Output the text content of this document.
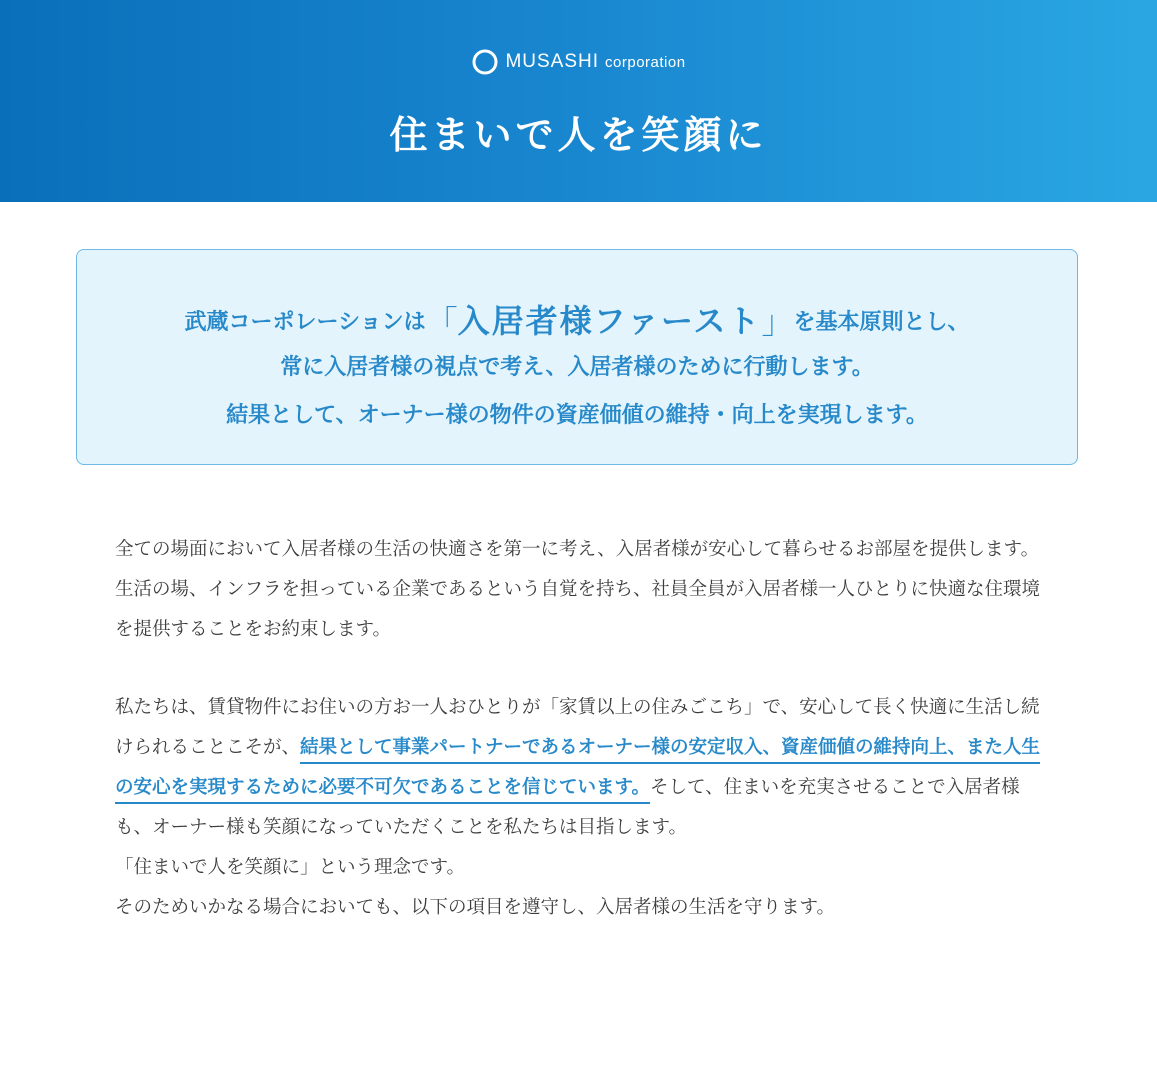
MUSASHI corporation
住まいで人を笑顔に
武蔵コーポレーションは「入居者様ファースト」を基本原則とし、
常に入居者様の視点で考え、入居者様のために行動します。
結果として、オーナー様の物件の資産価値の維持・向上を実現します。

全ての場面において入居者様の生活の快適さを第一に考え、入居者様が安心して暮らせるお部屋を提供します。

生活の場、インフラを担っている企業であるという自覚を持ち、社員全員が入居者様一人ひとりに快適な住環境を提供することをお約束します。

私たちは、賃貸物件にお住いの方お一人おひとりが「家賃以上の住みごこち」で、安心して長く快適に生活し続けられることこそが、結果として事業パートナーであるオーナー様の安定収入、資産価値の維持向上、また人生の安心を実現するために必要不可欠であることを信じています。そして、住まいを充実させることで入居者様も、オーナー様も笑顔になっていただくことを私たちは目指します。

「住まいで人を笑顔に」という理念です。

そのためいかなる場合においても、以下の項目を遵守し、入居者様の生活を守ります。
